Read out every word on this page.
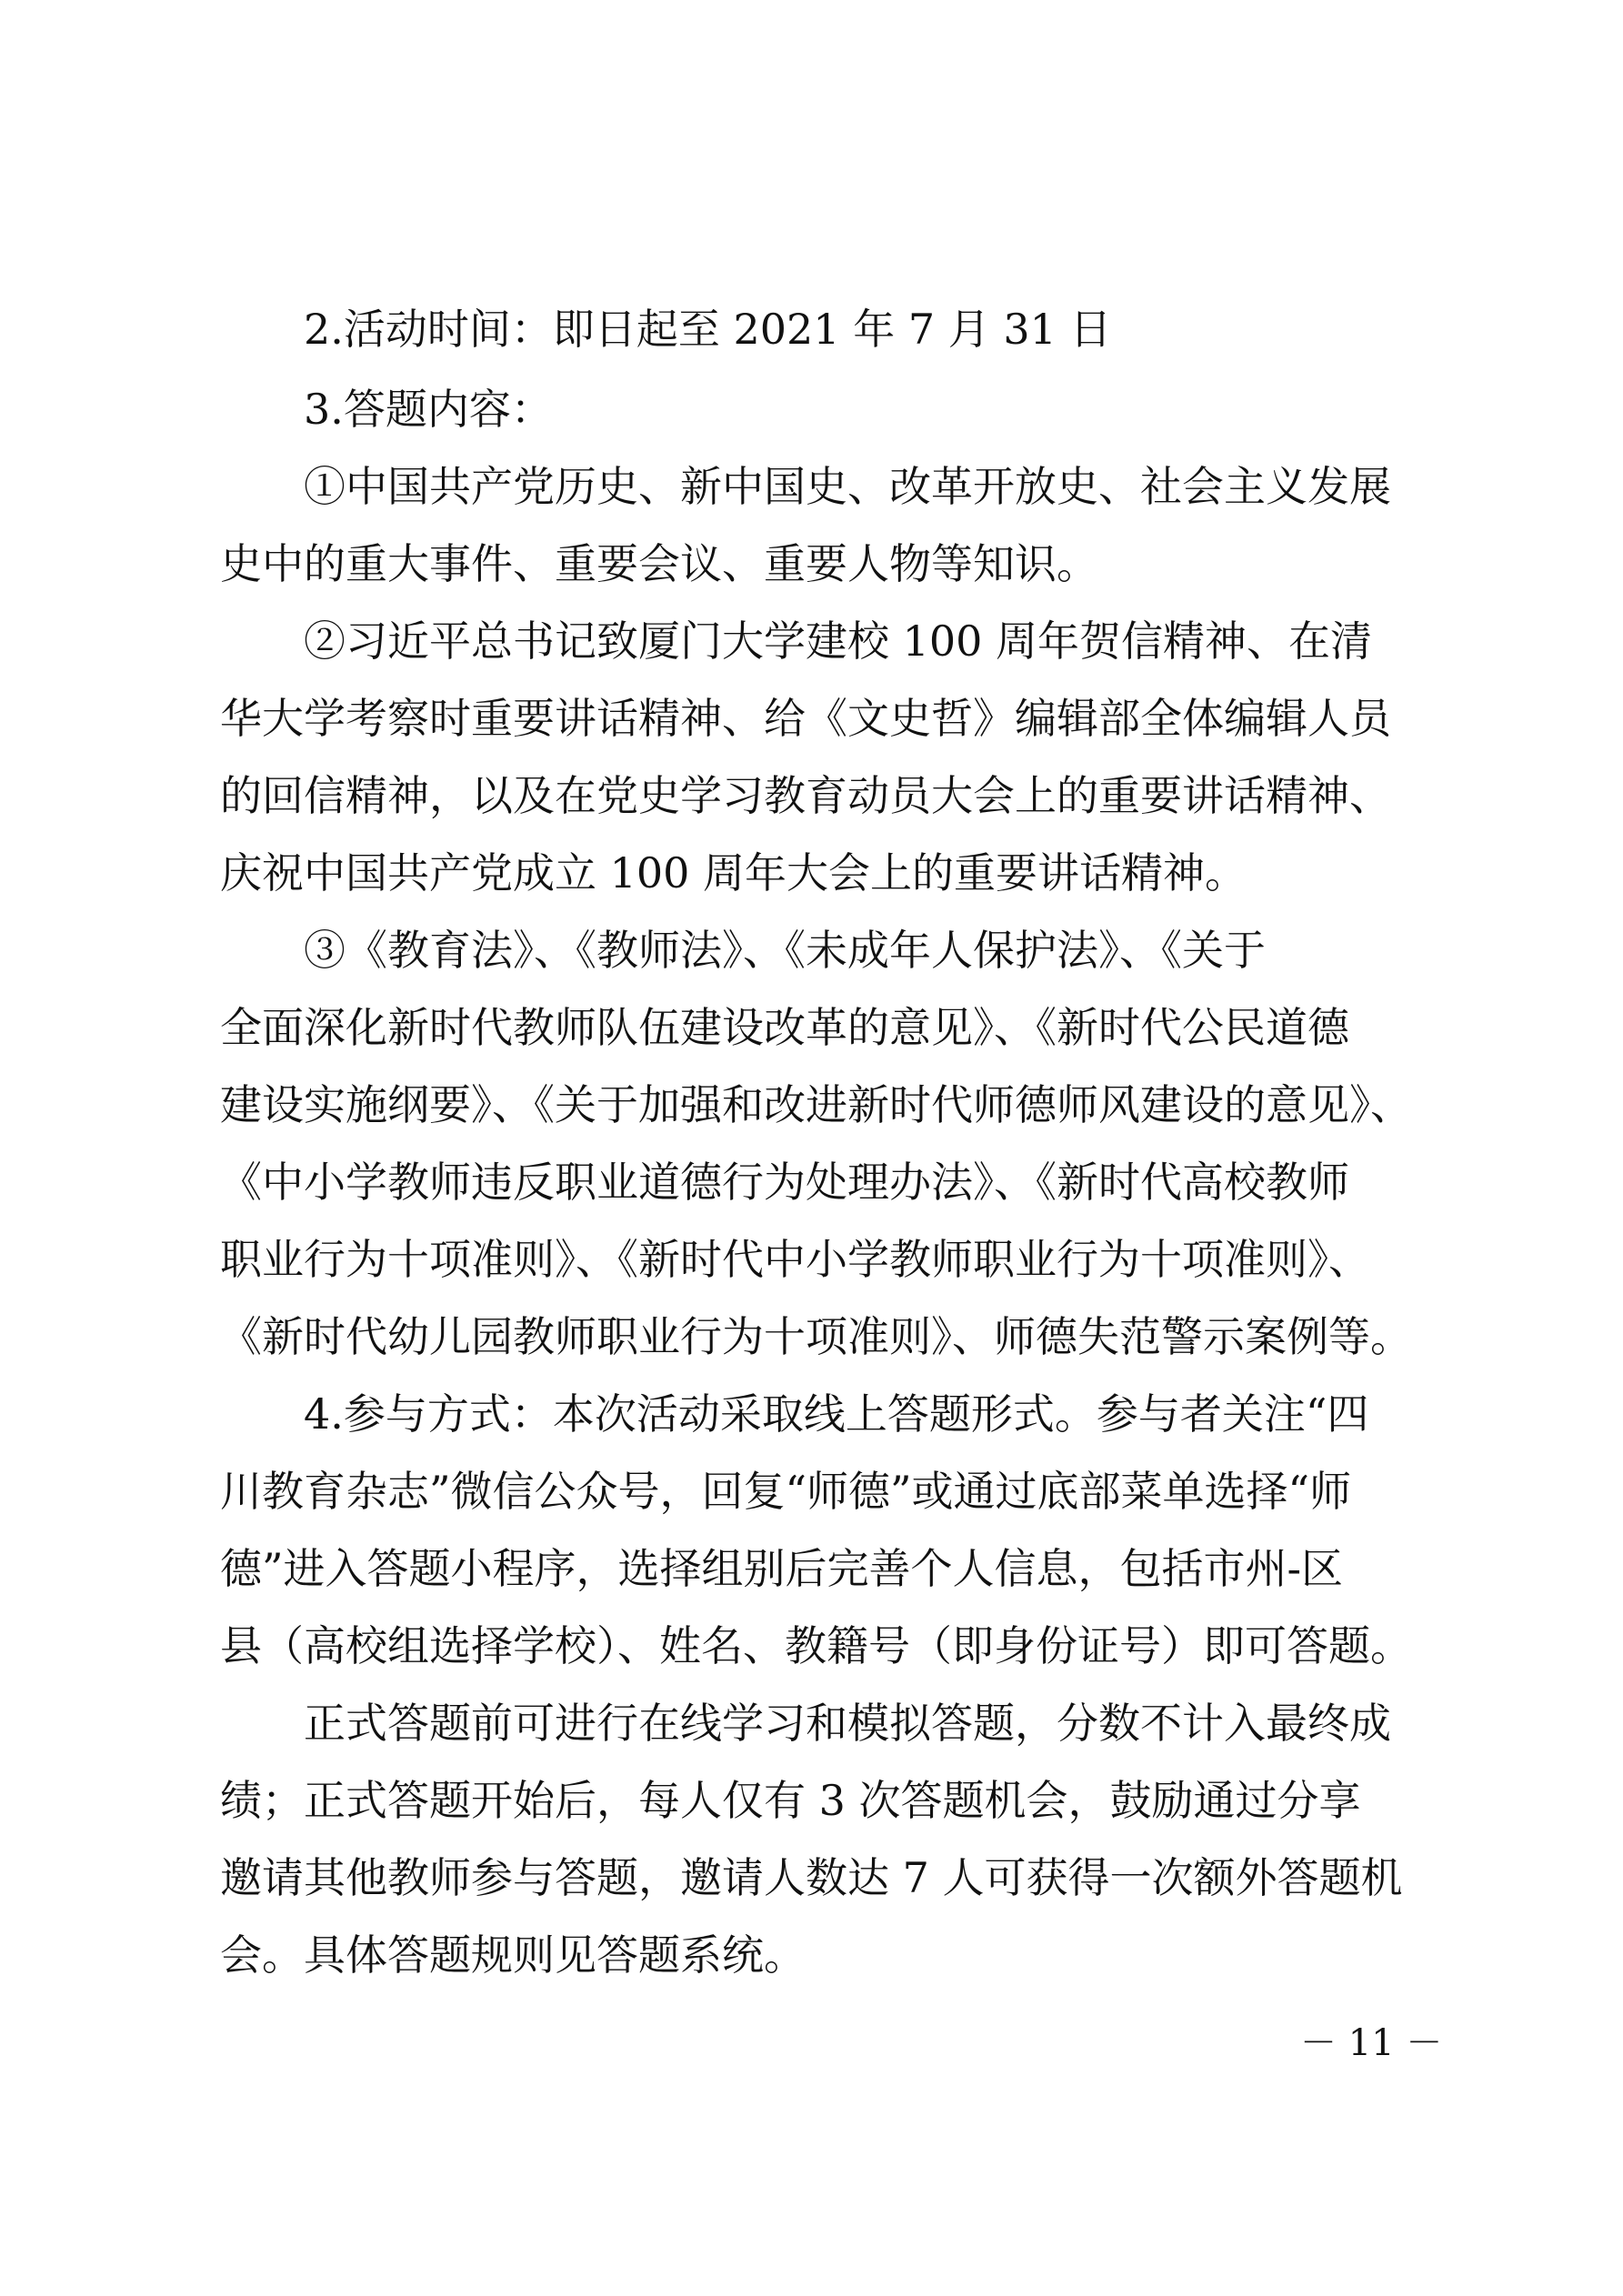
2.活动时间：即日起至 2021 年 7 月 31 日
3.答题内容：
①中国共产党历史、新中国史、改革开放史、社会主义发展
史中的重大事件、重要会议、重要人物等知识。
②习近平总书记致厦门大学建校 100 周年贺信精神、在清
华大学考察时重要讲话精神、给《文史哲》编辑部全体编辑人员
的回信精神，以及在党史学习教育动员大会上的重要讲话精神、
庆祝中国共产党成立 100 周年大会上的重要讲话精神。
③《教育法》、《教师法》、《未成年人保护法》、《关于
全面深化新时代教师队伍建设改革的意见》、《新时代公民道德
建设实施纲要》、《关于加强和改进新时代师德师风建设的意见》、
《中小学教师违反职业道德行为处理办法》、《新时代高校教师
职业行为十项准则》、《新时代中小学教师职业行为十项准则》、
《新时代幼儿园教师职业行为十项准则》、师德失范警示案例等。
4.参与方式：本次活动采取线上答题形式。参与者关注“四
川教育杂志”微信公众号，回复“师德”或通过底部菜单选择“师
德”进入答题小程序，选择组别后完善个人信息，包括市州-区
县（高校组选择学校）、姓名、教籍号（即身份证号）即可答题。
正式答题前可进行在线学习和模拟答题，分数不计入最终成
绩；正式答题开始后，每人仅有 3 次答题机会，鼓励通过分享
邀请其他教师参与答题，邀请人数达 7 人可获得一次额外答题机
会。具体答题规则见答题系统。
－ 11 －
